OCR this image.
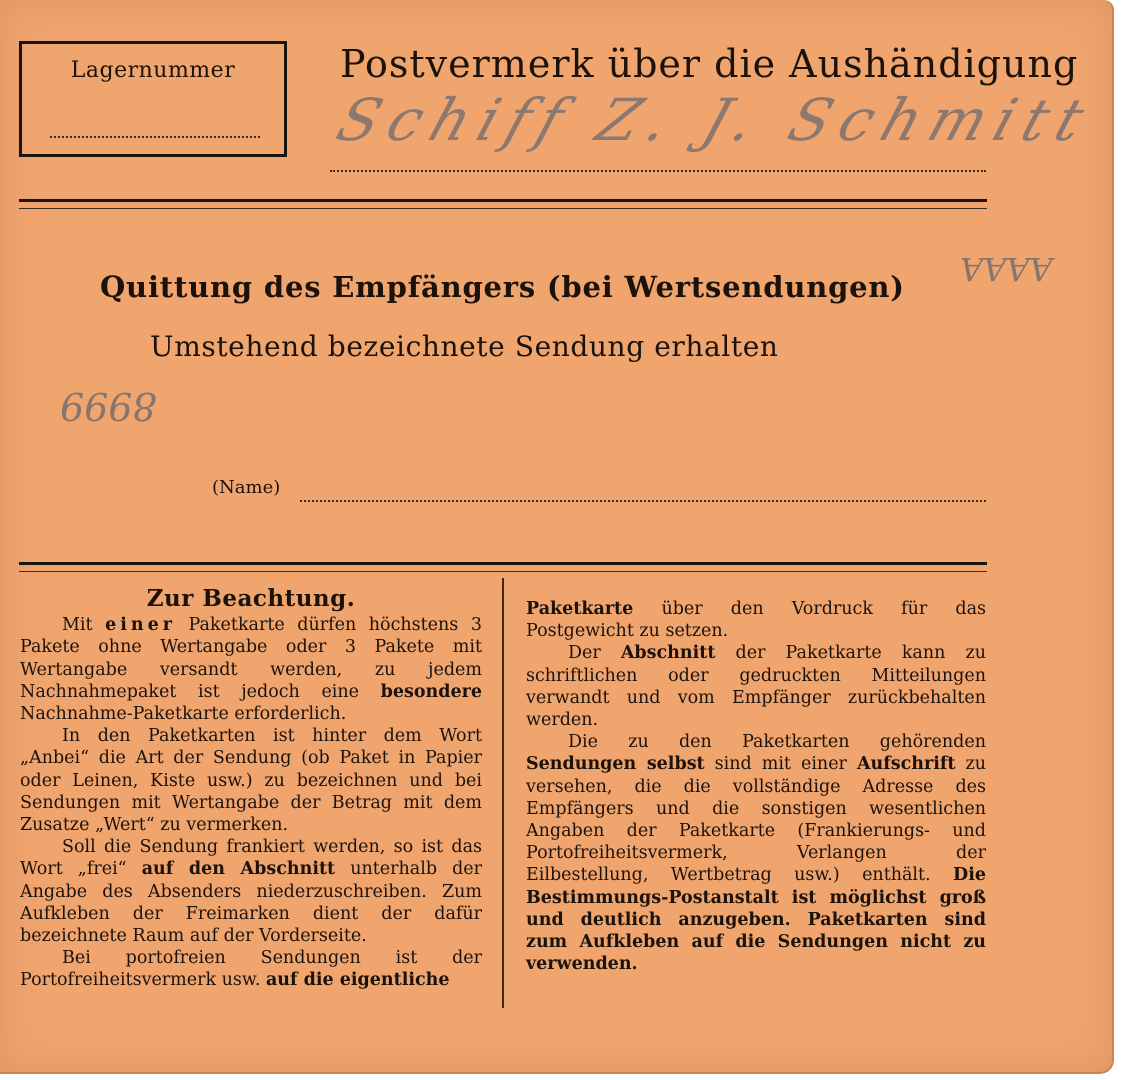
Lagernummer	Postvermerk über die Aushändigung
Schiff Z. J. Schmitt
AAAA
Quittung des Empfängers (bei Wertsendungen)
Umstehend bezeichnete Sendung erhalten
8999
(Name)
Zur Beachtung.

Mit einer Paketkarte dürfen höchstens 3 Pakete ohne Wertangabe oder 3 Pakete mit Wertangabe versandt werden, zu jedem Nachnahmepaket ist jedoch eine besondere Nachnahme-Paketkarte erforderlich.

In den Paketkarten ist hinter dem Wort „Anbei“ die Art der Sendung (ob Paket in Papier oder Leinen, Kiste usw.) zu bezeichnen und bei Sendungen mit Wertangabe der Betrag mit dem Zusatze „Wert“ zu vermerken.

Soll die Sendung frankiert werden, so ist das Wort „frei“ auf den Abschnitt unterhalb der Angabe des Absenders niederzuschreiben. Zum Aufkleben der Freimarken dient der dafür bezeichnete Raum auf der Vorderseite.

Bei portofreien Sendungen ist der Portofreiheitsvermerk usw. auf die eigentliche

Paketkarte über den Vordruck für das Postgewicht zu setzen.

Der Abschnitt der Paketkarte kann zu schriftlichen oder gedruckten Mitteilungen verwandt und vom Empfänger zurückbehalten werden.

Die zu den Paketkarten gehörenden Sendungen selbst sind mit einer Aufschrift zu versehen, die die vollständige Adresse des Empfängers und die sonstigen wesentlichen Angaben der Paketkarte (Frankierungs- und Portofreiheitsvermerk, Verlangen der Eilbestellung, Wertbetrag usw.) enthält. Die Bestimmungs-Postanstalt ist möglichst groß und deutlich anzugeben. Paketkarten sind zum Aufkleben auf die Sendungen nicht zu verwenden.
